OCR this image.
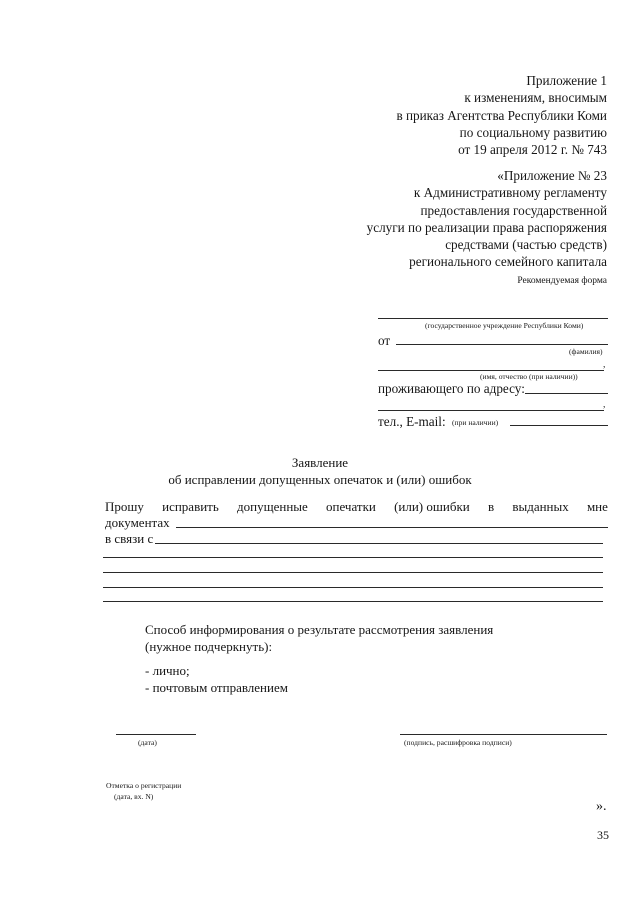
Приложение 1
к изменениям, вносимым
в приказ Агентства Республики Коми
по социальному развитию
от 19 апреля 2012 г. № 743
«Приложение № 23
к Административному регламенту
предоставления государственной
услуги по реализации права распоряжения
средствами (частью средств)
регионального семейного капитала
Рекомендуемая форма
(государственное учреждение Республики Коми)
от
(фамилия)
,
(имя, отчество (при наличии))
проживающего по адресу:
,
тел., E-mail: (при наличии)
Заявление
об исправлении допущенных опечаток и (или) ошибок
Прошу исправить допущенные опечатки (или) ошибки в выданных мне
документах
в связи с
Способ информирования о результате рассмотрения заявления
(нужное подчеркнуть):
- лично;
- почтовым отправлением
(дата)	(подпись, расшифровка подписи)
Отметка о регистрации
(дата, вх. N)
».
35
